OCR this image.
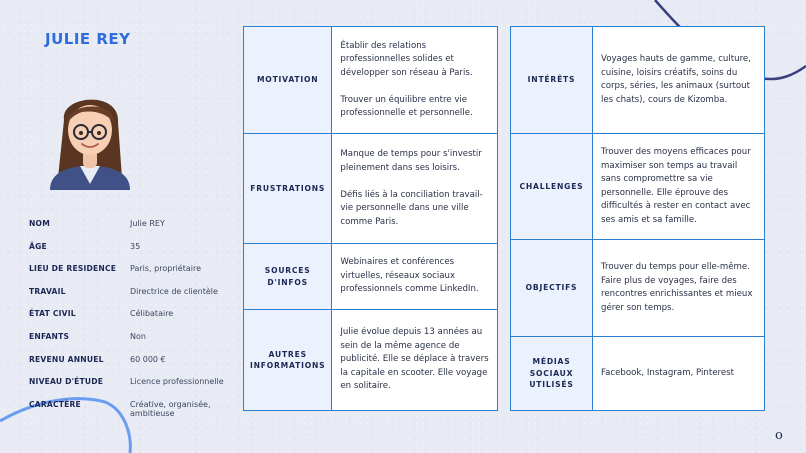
JULIE REY
NOM	Julie REY
ÂGE	35
LIEU DE RESIDENCE	Paris, propriétaire
TRAVAIL	Directrice de clientèle
ÉTAT CIVIL	Célibataire
ENFANTS	Non
REVENU ANNUEL	60 000 €
NIVEAU D'ÉTUDE	Licence professionnelle
CARACTÈRE	Créative, organisée, ambitieuse
MOTIVATION	Établir des relations professionnelles solides et développer son réseau à Paris.

Trouver un équilibre entre vie professionnelle et personnelle.
FRUSTRATIONS	Manque de temps pour s'investir pleinement dans ses loisirs.

Défis liés à la conciliation travail-vie personnelle dans une ville comme Paris.
SOURCES D'INFOS	Webinaires et conférences virtuelles, réseaux sociaux professionnels comme LinkedIn.
AUTRES INFORMATIONS	Julie évolue depuis 13 années au sein de la même agence de publicité. Elle se déplace à travers la capitale en scooter. Elle voyage en solitaire.
INTÉRÊTS	Voyages hauts de gamme, culture, cuisine, loisirs créatifs, soins du corps, séries, les animaux (surtout les chats), cours de Kizomba.
CHALLENGES	Trouver des moyens efficaces pour maximiser son temps au travail sans compromettre sa vie personnelle. Elle éprouve des difficultés à rester en contact avec ses amis et sa famille.
OBJECTIFS	Trouver du temps pour elle-même. Faire plus de voyages, faire des rencontres enrichissantes et mieux gérer son temps.
MÉDIAS SOCIAUX UTILISÉS	Facebook, Instagram, Pinterest
o
